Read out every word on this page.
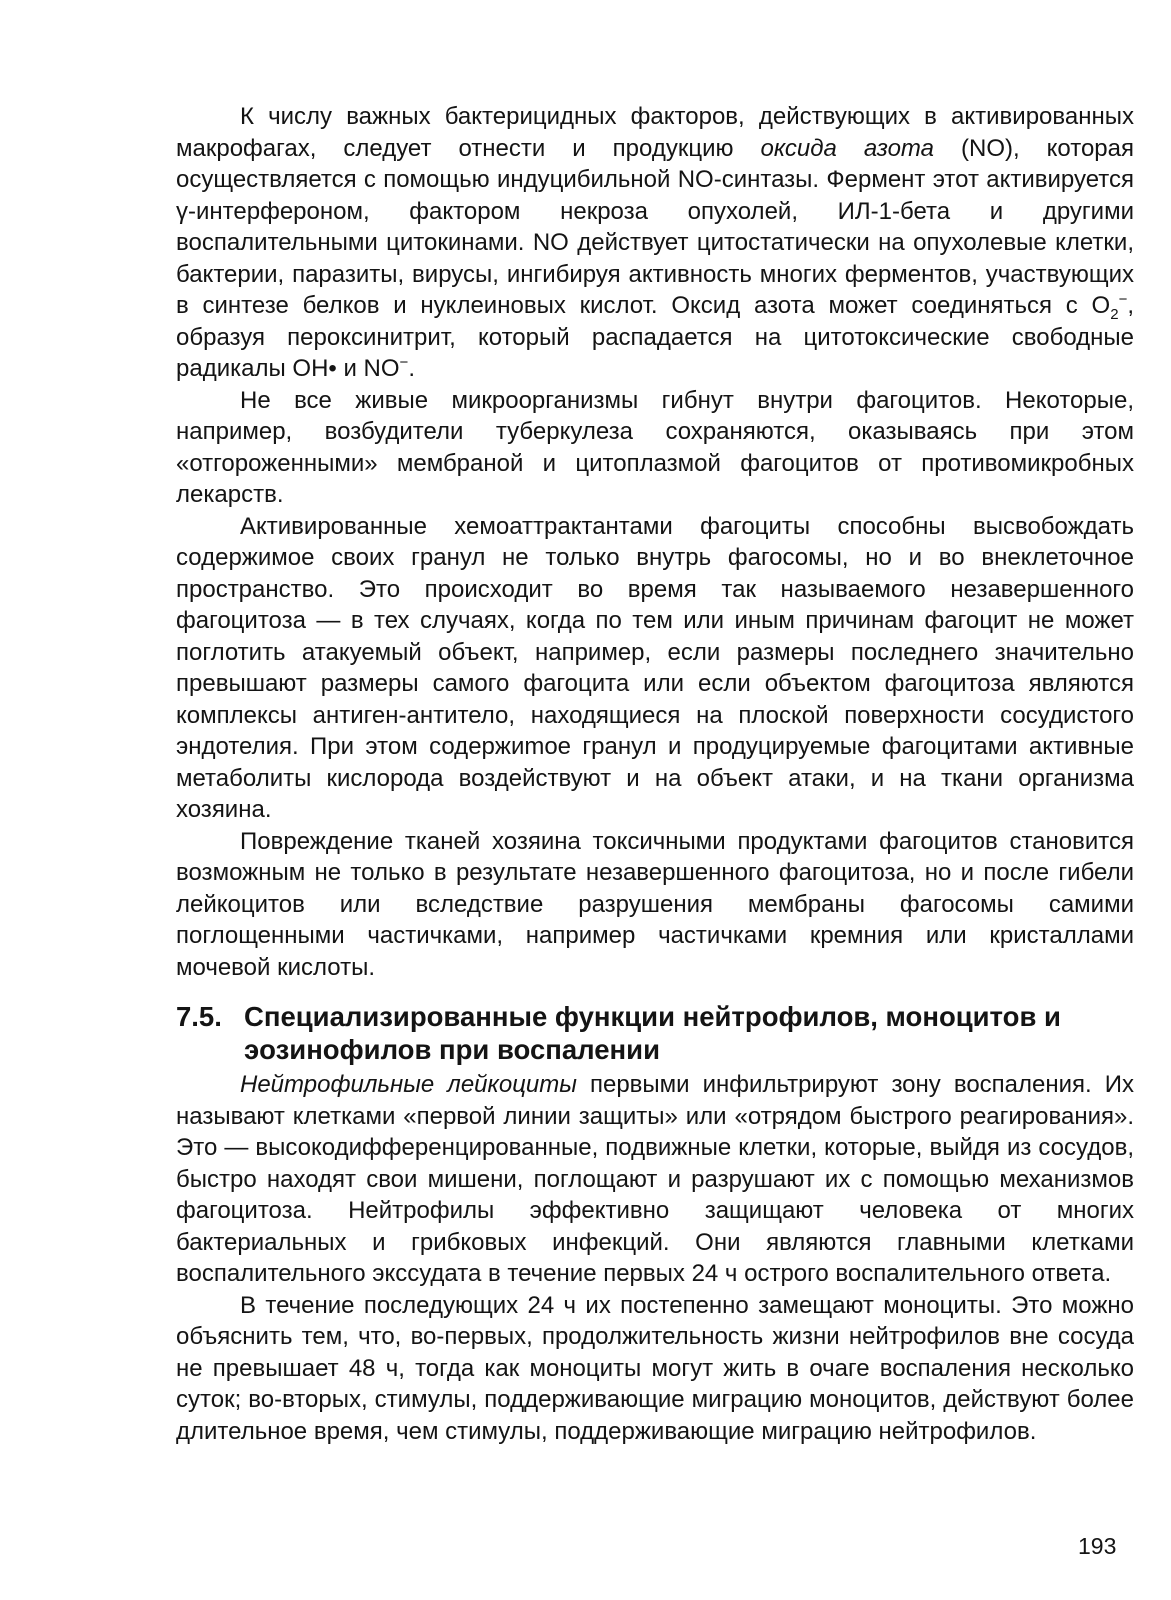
К числу важных бактерицидных факторов, действующих в активированных макрофагах, следует отнести и продукцию оксида азота (NO), которая осуществляется с помощью индуцибильной NO-синтазы. Фермент этот активируется γ-интерфероном, фактором некроза опухолей, ИЛ-1-бета и другими воспалительными цитокинами. NO действует цитостатически на опухолевые клетки, бактерии, паразиты, вирусы, ингибируя активность многих ферментов, участвующих в синтезе белков и нуклеиновых кислот. Оксид азота может соединяться с $O_2^-$, образуя пероксинитрит, который распадается на цитотоксические свободные радикалы OH• и NO−.

Не все живые микроорганизмы гибнут внутри фагоцитов. Некоторые, например, возбудители туберкулеза сохраняются, оказываясь при этом «отгороженными» мембраной и цитоплазмой фагоцитов от противомикробных лекарств.

Активированные хемоаттрактантами фагоциты способны высвобождать содержимое своих гранул не только внутрь фагосомы, но и во внеклеточное пространство. Это происходит во время так называемого незавершенного фагоцитоза — в тех случаях, когда по тем или иным причинам фагоцит не может поглотить атакуемый объект, например, если размеры последнего значительно превышают размеры самого фагоцита или если объектом фагоцитоза являются комплексы антиген-антитело, находящиеся на плоской поверхности сосудистого эндотелия. При этом содержиmое гранул и продуцируемые фагоцитами активные метаболиты кислорода воздействуют и на объект атаки, и на ткани организма хозяина.

Повреждение тканей хозяина токсичными продуктами фагоцитов становится возможным не только в результате незавершенного фагоцитоза, но и после гибели лейкоцитов или вследствие разрушения мембраны фагосомы самими поглощенными частичками, например частичками кремния или кристаллами мочевой кислоты.

7.5. Специализированные функции нейтрофилов, моноцитов и эозинофилов при воспалении

Нейтрофильные лейкоциты первыми инфильтрируют зону воспаления. Их называют клетками «первой линии защиты» или «отрядом быстрого реагирования». Это — высокодифференцированные, подвижные клетки, которые, выйдя из сосудов, быстро находят свои мишени, поглощают и разрушают их с помощью механизмов фагоцитоза. Нейтрофилы эффективно защищают человека от многих бактериальных и грибковых инфекций. Они являются главными клетками воспалительного экссудата в течение первых 24 ч острого воспалительного ответа.

В течение последующих 24 ч их постепенно замещают моноциты. Это можно объяснить тем, что, во-первых, продолжительность жизни нейтрофилов вне сосуда не превышает 48 ч, тогда как моноциты могут жить в очаге воспаления несколько суток; во-вторых, стимулы, поддерживающие миграцию моноцитов, действуют более длительное время, чем стимулы, поддерживающие миграцию нейтрофилов.

193
